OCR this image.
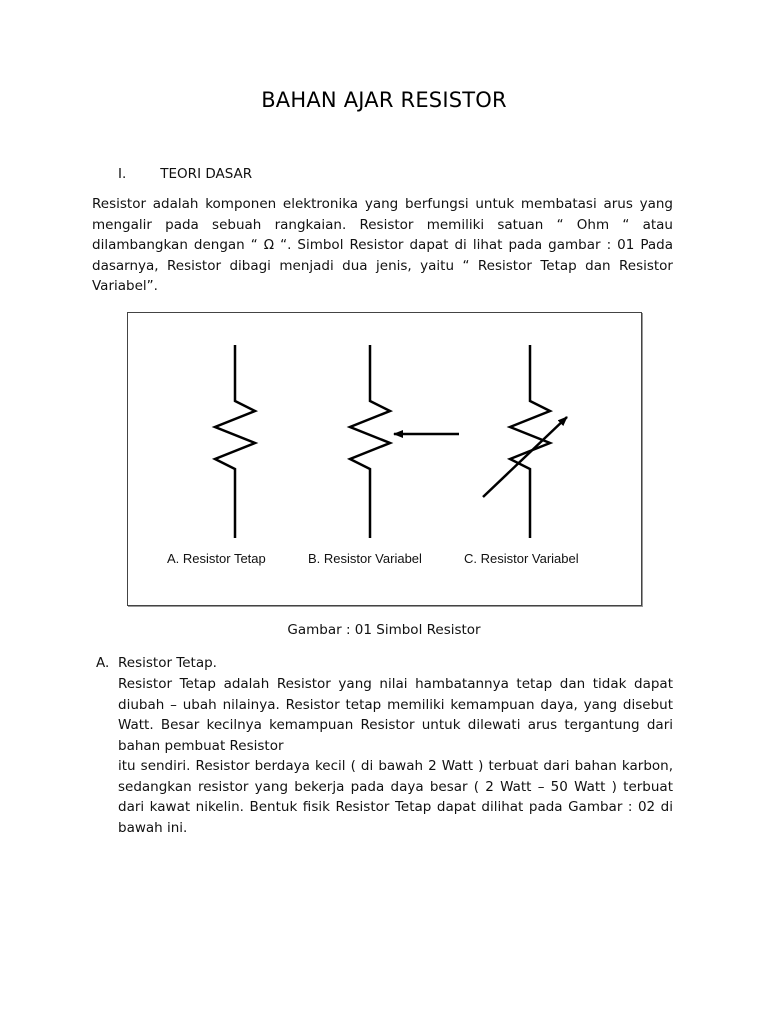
BAHAN AJAR RESISTOR
I.	TEORI DASAR

Resistor adalah komponen elektronika yang berfungsi untuk membatasi arus yang mengalir pada sebuah rangkaian. Resistor memiliki satuan “ Ohm “ atau dilambangkan dengan “ Ω “. Simbol Resistor dapat di lihat pada gambar : 01 Pada dasarnya, Resistor dibagi menjadi dua jenis, yaitu “ Resistor Tetap dan Resistor Variabel”.

A. Resistor Tetap	B. Resistor Variabel	C. Resistor Variabel
Gambar : 01 Simbol Resistor
A. Resistor Tetap.

Resistor Tetap adalah Resistor yang nilai hambatannya tetap dan tidak dapat diubah – ubah nilainya. Resistor tetap memiliki kemampuan daya, yang disebut Watt. Besar kecilnya kemampuan Resistor untuk dilewati arus tergantung dari bahan pembuat Resistor

itu sendiri. Resistor berdaya kecil ( di bawah 2 Watt ) terbuat dari bahan karbon, sedangkan resistor yang bekerja pada daya besar ( 2 Watt – 50 Watt ) terbuat dari kawat nikelin. Bentuk fisik Resistor Tetap dapat dilihat pada Gambar : 02 di bawah ini.
